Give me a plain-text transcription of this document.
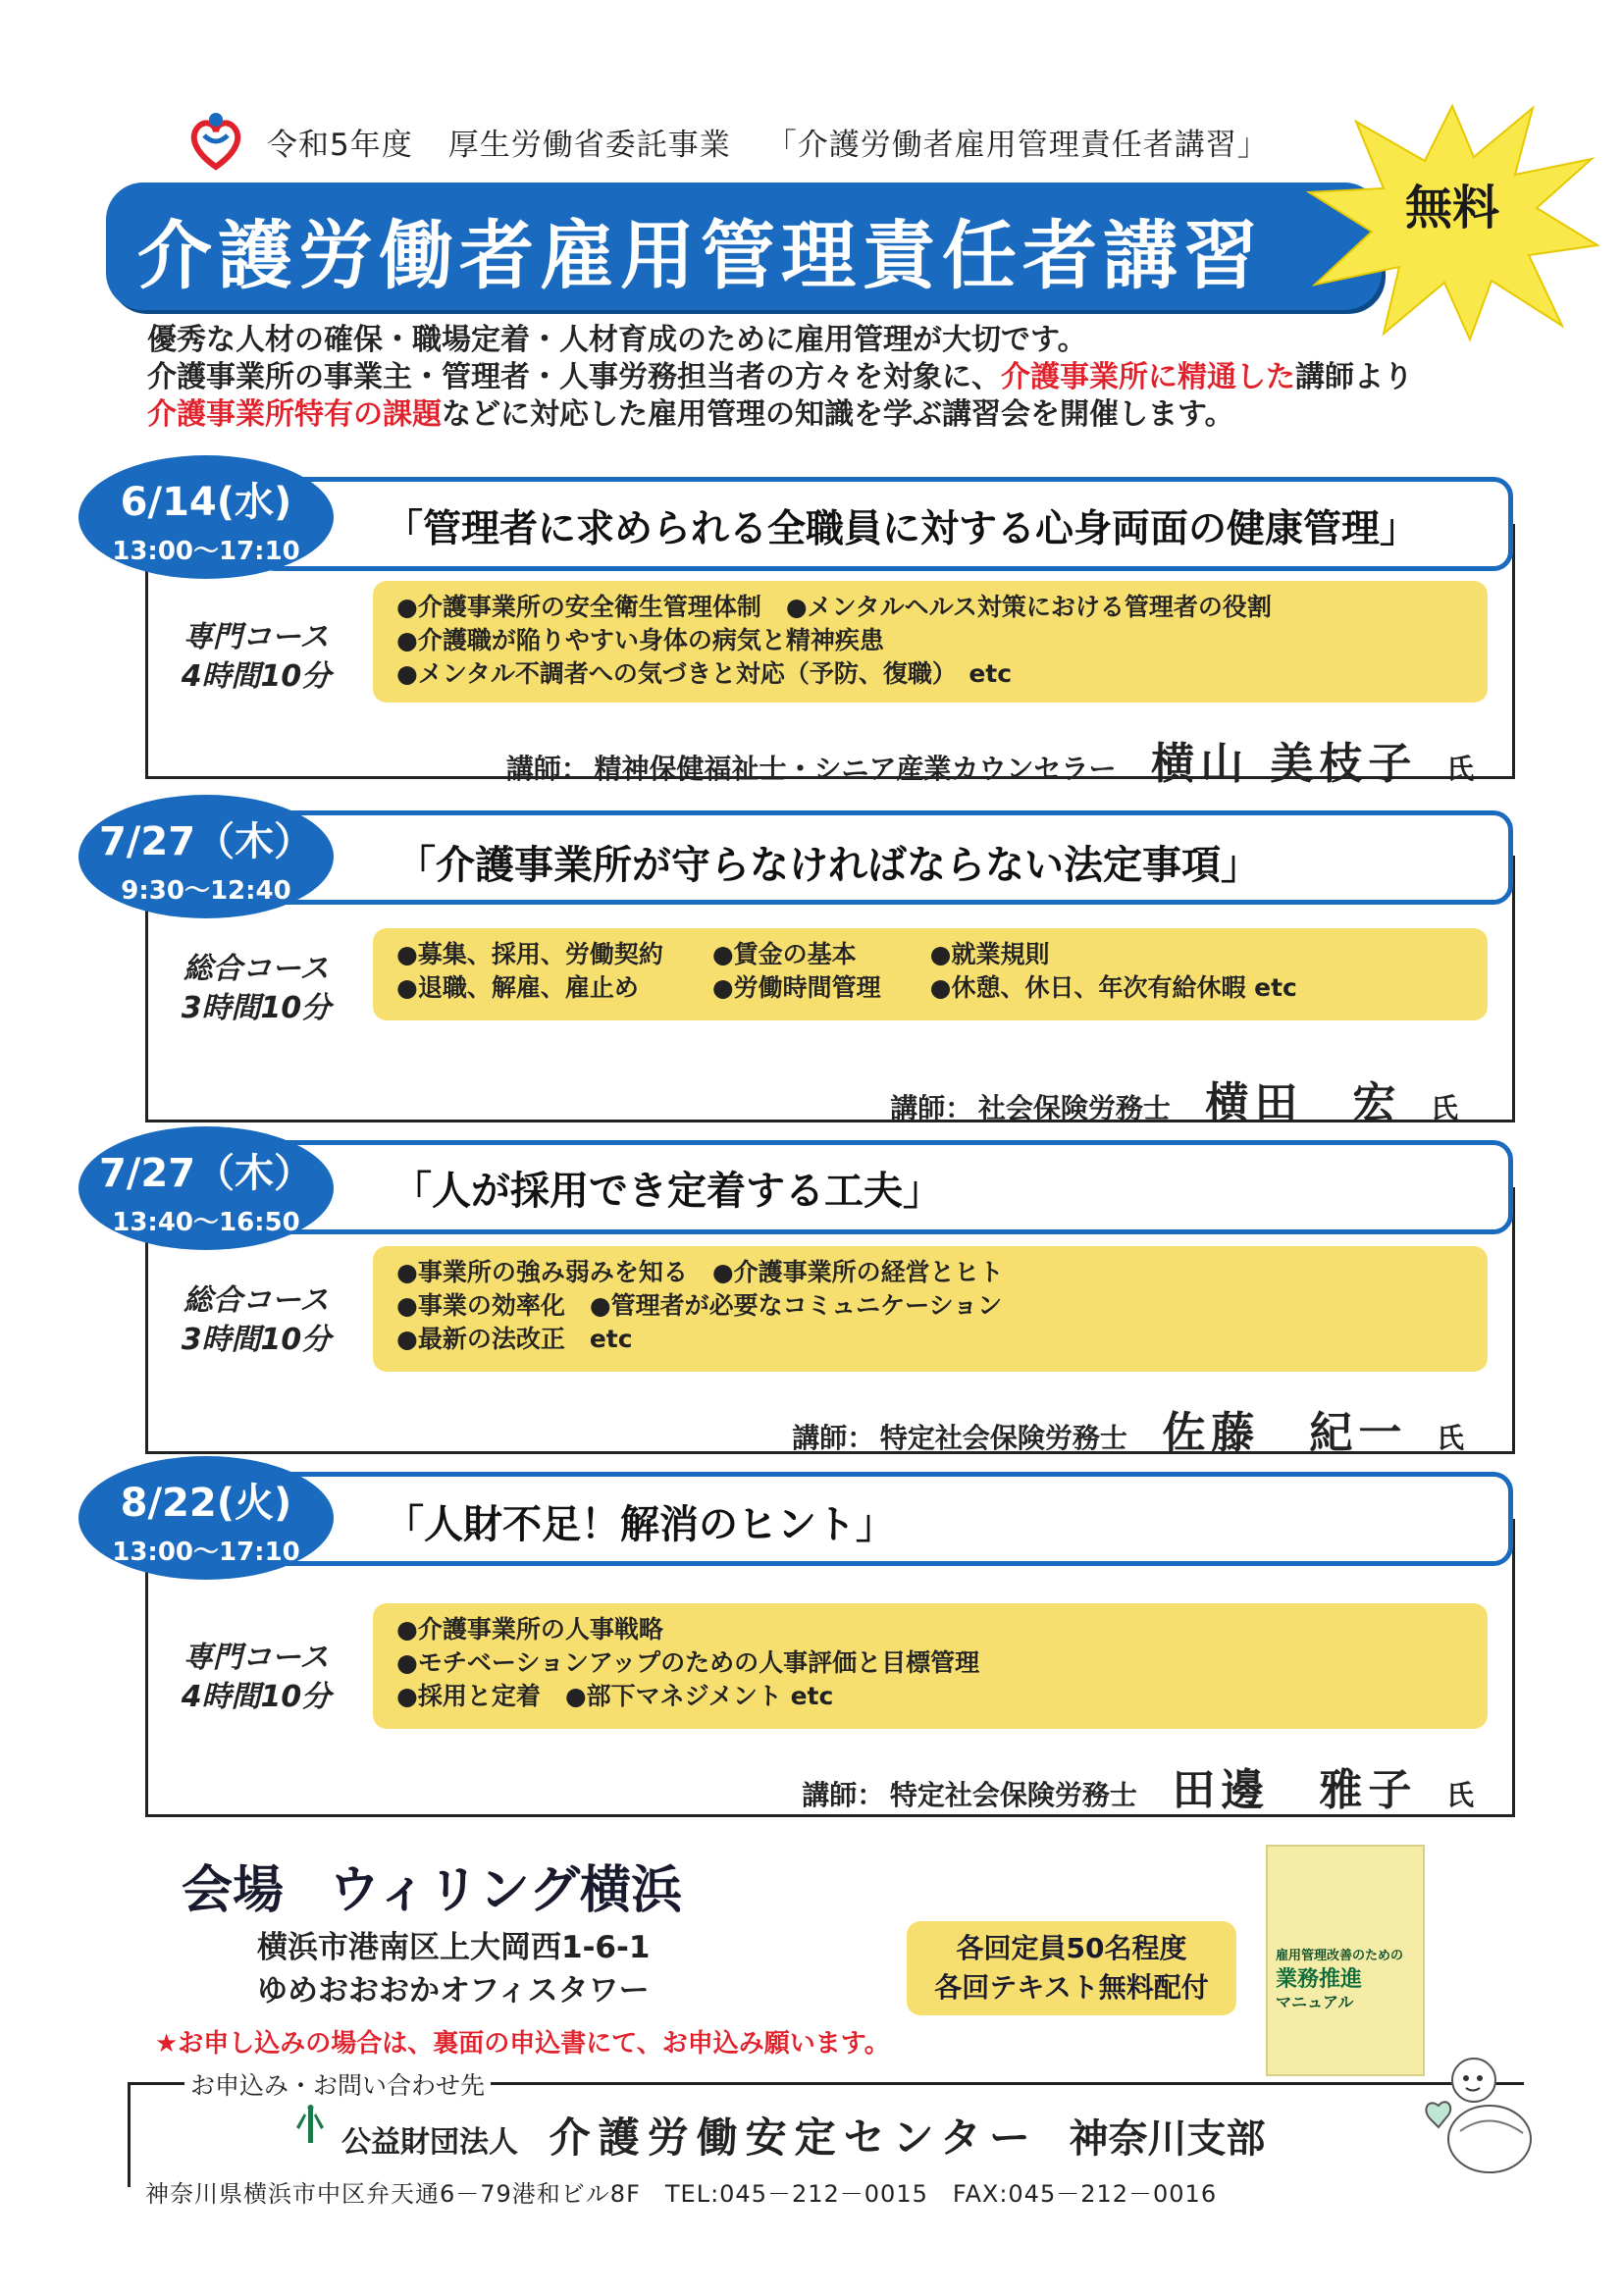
令和5年度 厚生労働省委託事業 「介護労働者雇用管理責任者講習」
介護労働者雇用管理責任者講習
無料
優秀な人材の確保・職場定着・人材育成のために雇用管理が大切です。
介護事業所の事業主・管理者・人事労務担当者の方々を対象に、介護事業所に精通した講師より
介護事業所特有の課題などに対応した雇用管理の知識を学ぶ講習会を開催します。
「管理者に求められる全職員に対する心身両面の健康管理」
6/14(水)
13:00～17:10
専門コース
4時間10分
●介護事業所の安全衛生管理体制　●メンタルヘルス対策における管理者の役割
●介護職が陥りやすい身体の病気と精神疾患
●メンタル不調者への気づきと対応（予防、復職）　etc
講師： 精神保健福祉士・シニア産業カウンセラー 横山 美枝子 氏
「介護事業所が守らなければならない法定事項」
7/27（木）
9:30～12:40
総合コース
3時間10分
●募集、採用、労働契約　　●賃金の基本　　　●就業規則
●退職、解雇、雇止め　　　●労働時間管理　　●休憩、休日、年次有給休暇 etc
講師： 社会保険労務士 横田　宏 氏
「人が採用でき定着する工夫」
7/27（木）
13:40～16:50
総合コース
3時間10分
●事業所の強み弱みを知る　●介護事業所の経営とヒト
●事業の効率化　●管理者が必要なコミュニケーション
●最新の法改正　etc
講師： 特定社会保険労務士 佐藤　紀一 氏
「人財不足！解消のヒント」
8/22(火)
13:00～17:10
専門コース
4時間10分
●介護事業所の人事戦略
●モチベーションアップのための人事評価と目標管理
●採用と定着　●部下マネジメント etc
講師： 特定社会保険労務士 田邊　雅子 氏
会場 ウィリング横浜
横浜市港南区上大岡西1-6-1
ゆめおおおかオフィスタワー
各回定員50名程度
各回テキスト無料配付
雇用管理改善のための
業務推進
マニュアル
★お申し込みの場合は、裏面の申込書にて、お申込み願います。
お申込み・お問い合わせ先
公益財団法人 介護労働安定センター 神奈川支部
神奈川県横浜市中区弁天通6－79港和ビル8F　TEL:045－212－0015　FAX:045－212－0016
